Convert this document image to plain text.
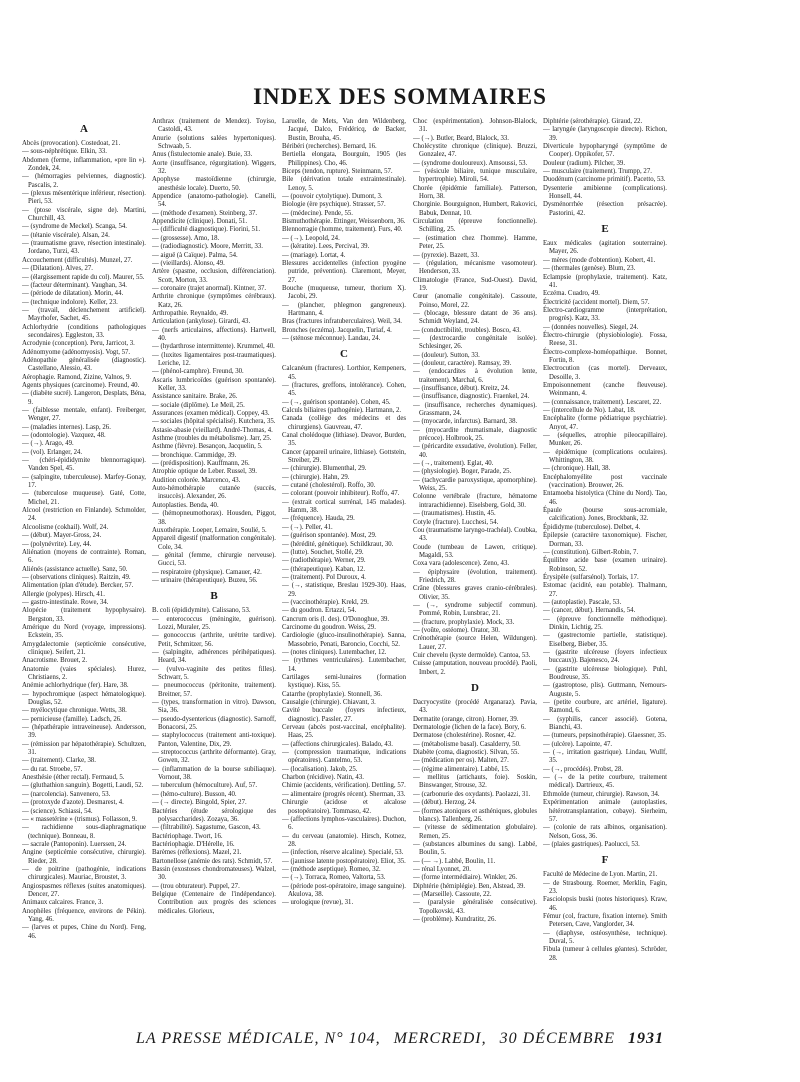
INDEX DES SOMMAIRES
A
Abcès (provocation). Costedoat, 21.
— sous-néphrétique. Elkin, 33.
Abdomen (ferme, inflammation, «pre lin »). Zondek, 24.
— (hémorragies pelviennes, diagnostic). Pascalis, 2.
— (plexus mésentérique inférieur, résection). Pieri, 53.
— (ptose viscérale, signe de). Martini, Churchill, 43.
— (syndrome de Meckel). Scanga, 54.
— (tétanie viscérale). Alsan, 24.
— (traumatisme grave, résection intestinale). Jordano, Turzi, 43.
Accouchement (difficultés). Munzel, 27.
— (Dilatation). Alves, 27.
— (élargissement rapide du col). Maurer, 55.
— (facteur déterminant). Vaughan, 34.
— (période de dilatation). Morin, 44.
— (technique indolore). Keller, 23.
— (travail, déclenchement artificiel). Mayrhofer, Sachet, 45.
Achlorhydrie (conditions pathologiques secondaires). Eggleston, 33.
Acrodynie (conception). Peru, Jarricot, 3.
Adénomyome (adénomyosis). Vogt, 57.
Adénopathie généralisée (diagnostic). Castellano, Alessio, 43.
Aérophagie. Ramond, Zizine, Valnos, 9.
Agents physiques (carcinome). Freund, 40.
— (diabète sucré). Langeron, Desplats, Béna, 9.
— (faiblesse mentale, enfant). Freiberger, Wenger, 27.
— (maladies internes). Lasp, 26.
— (odontologie). Vazquez, 48.
— (→). Arago, 49.
— (vol). Erlanger, 24.
— (chéri-épididymite blennorragique). Vanden Spel, 45.
— (salpingite, tuberculeuse). Marfey-Gonay, 17.
— (tuberculose muqueuse). Gaté, Cotte, Michel, 21.
Alcool (restriction en Finlande). Schmolder, 24.
Alcoolisme (cokhail). Wolf, 24.
— (début). Mayer-Gross, 24.
— (polynévrite). Ley, 44.
Aliénation (moyens de contrainte). Roman, 6.
Aliénés (assistance actuelle). Sanz, 50.
— (observations cliniques). Raitzin, 49.
Alimentation (plan d'étude). Bercker, 57.
Allergie (polypes). Hirsch, 41.
— gastro-intestinale. Rowe, 34.
Alopécie (traitement hypophysaire). Bergston, 33.
Amérique du Nord (voyage, impressions). Eckstein, 35.
Amygdalectomie (septicémie consécutive, clinique). Seifert, 21.
Anacrotisme. Brouet, 2.
Anatomie (vaies spéciales). Hurez, Christiaens, 2.
Anémie achlorhydrique (fer). Hare, 38.
— hypochromique (aspect hématologique). Douglas, 52.
— myélocytique chronique. Wetts, 38.
— pernicieuse (famille). Ladsch, 26.
— (hépathérapie intraveineuse). Andersson, 39.
— (rémission par hépatothérapie). Schultzen, 31.
— (traitement). Clarke, 38.
— du rat. Stroebe, 57.
Anesthésie (éther rectal). Fermaud, 5.
— (gluthathion sanguin). Bogetti, Laudi, 52.
— (narcolencia). Sanvenero, 53.
— (protoxyde d'azote). Desmarest, 4.
— (science). Schiassi, 54.
— « massetérine » (trismus). Follasson, 9.
— rachidienne sous-diaphragmatique (technique). Bonneau, 8.
— sacrale (Pantoponin). Luerssen, 24.
Angine (septicémie consécutive, chirurgie). Rieder, 28.
— de poitrine (pathogénie, indications chirurgicales). Mauriac, Broustet, 3.
Angiospasmes réflexes (suites anatomiques). Dencer, 27.
Animaux calcaires. France, 3.
Anophèles (fréquence, environs de Pékin). Yang, 46.
— (larves et pupes, Chine du Nord). Feng, 46.
Anthrax (traitement de Mendez). Toyiso, Castoldi, 43.
Anurie (solutions salées hypertoniques). Schwaab, 5.
Anus (fistulectomie anale). Buie, 33.
Aorte (insuffisance, régurgitation). Wiggers, 32.
Apophyse mastoïdienne (chirurgie, anesthésie locale). Duerto, 50.
Appendice (anatomo-pathologie). Canelli, 54.
— (méthode d'examen). Steinberg, 37.
Appendicite (clinique). Donati, 51.
— (difficulté diagnostique). Fiorini, 51.
— (grossesse). Amo, 18.
— (radiodiagnostic). Moore, Merritt, 33.
— aiguë (à Caïque). Palma, 54.
— (vieillards). Alonso, 49.
Artère (spasme, occlusion, différenciation). Scott, Morton, 33.
— coronaire (trajet anormal). Kintner, 37.
Arthrite chronique (symptômes cérébraux). Katz, 26.
Arthropathie. Reynaldo, 49.
Articulation (ankylose). Girardi, 43.
— (nerfs articulaires, affections). Hartwell, 40.
— (hydarthrose intermittente). Krummel, 40.
— (luxites ligamentaires post-traumatiques). Leriche, 12.
— (phénol-camphre). Freund, 30.
Ascaris lumbricoïdes (guérison spontanée). Keller, 33.
Assistance sanitaire. Brake, 26.
— sociale (diplôme). Le Meil, 25.
Assurances (examen médical). Coppey, 43.
— sociales (hôpital spécialisé). Kutchera, 35.
Astasie-abasie (vieillard). André-Thomas, 4.
Asthme (troubles du métabolisme). Jarr, 25.
Asthme (fièvre). Besançon, Jacquelin, 5.
— bronchique. Cammidge, 39.
— (prédisposition). Kauffmann, 26.
Atrophie optique de Leber. Russel, 39.
Audition colorée. Marcenco, 43.
Auto-hémothérapie cutanée (succès, insuccès). Alexander, 26.
Autoplasties. Benda, 40.
— (hémopneumothorax). Housden, Piggot, 38.
Auxothérapie. Loeper, Lemaire, Soulié, 5.
Appareil digestif (malformation congénitale). Cole, 34.
— génital (femme, chirurgie nerveuse). Gucci, 53.
— respiratoire (physique). Camauer, 42.
— urinaire (thérapeutique). Buzeu, 56.
B
B. coli (épididymite). Calissano, 53.
— enterococcus (méningite, guérison). Lozzi, Muraler, 25.
— gonococcus (arthrite, urétrite tardive). Petit, Schmitzer, 56.
— (salpingite, adhérences périhépatiques). Heard, 34.
— (vulvo-vaginite des petites filles). Schwarr, 5.
— pneumococcus (péritonite, traitement). Breitner, 57.
— (types, transformation in vitro). Dawson, Sia, 36.
— pseudo-dysentericus (diagnostic). Sarnoff, Bonacorsi, 25.
— staphylococcus (traitement anti-toxique). Panton, Valentine, Dix, 29.
— streptococcus (arthrite déformante). Gray, Gowen, 32.
— (inflammation de la bourse subiliaque). Vornout, 38.
— tuberculum (hémoculture). Auf, 57.
— (hémo-culture). Busson, 40.
— (→ directe). Bingold, Spier, 27.
Bactéries (étude sérologique des polysaccharides). Zozaya, 36.
— (filtrabilité). Sagastume, Gascon, 43.
Bactériophage. Twort, 16.
Bactériophagie. D'Hérelle, 16.
Barèmes (réflexions). Mazel, 21.
Bartonellose (anémie des rats). Schmidt, 57.
Bassin (exostoses chondromateuses). Walzel, 30.
— (trou obturateur). Puppel, 27.
Belgique (Centenaire de l'indépendance). Contribution aux progrès des sciences médicales. Glorieux,
Laruelle, de Mets, Van den Wildenberg, Jacqué, Dalco, Frédéricq, de Backer, Bustin, Brouha, 45.
Béribéri (recherches). Bernard, 16.
Bertiella elongata, Bourguin, 1905 (les Philippines). Cho, 46.
Biceps (tendon, rupture). Steinmann, 57.
Bile (dérivation totale extraintestinale). Lenoy, 5.
— (pouvoir cytolytique). Dumont, 3.
Biologie (ère psychique). Strasser, 57.
— (médecine). Pende, 55.
Bismuthothérapie. Ettinger, Weissenborn, 36.
Blennorragie (homme, traitement). Furs, 40.
— (→). Leopold, 24.
— (kératite). Lees, Percival, 39.
— (mariage). Lortat, 4.
Blessures accidentelles (infection pyogène putride, prévention). Claremont, Meyer, 27.
Bouche (muqueuse, tumeur, thorium X). Jacobi, 29.
— (plancher, phlegmon gangreneux). Hartmann, 4.
Bras (fractures infratuberculaires). Weil, 34.
Bronches (eczéma). Jacquelin, Turiaf, 4.
— (sténose méconnue). Landau, 24.
C
Calcanéum (fractures). Lorthior, Kempeners, 45.
— (fractures, greffons, intolérance). Cohen, 45.
— (→, guérison spontanée). Cohen, 45.
Calculs biliaires (pathogénie). Hartmann, 2.
Canada (collège des médecins et des chirurgiens). Gauvreau, 47.
Canal cholédoque (lithiase). Deavor, Burden, 35.
Cancer (appareil urinaire, lithiase). Gottstein, Streiber, 29.
— (chirurgie). Blumenthal, 29.
— (chirurgie). Hahn, 29.
— cutané (cholestérol). Roffo, 30.
— colorant (pouvoir inhibiteur). Roffo, 47.
— (extrait cortical surrénal, 145 malades). Hamm, 38.
— (fréquence). Hauda, 29.
— (→). Peller, 41.
— (guérison spontanée). Most, 29.
— (hérédité, génétique). Schildkraut, 30.
— (lutte). Souchet, Stollé, 29.
— (radiothérapie). Werner, 29.
— (thérapeutique). Kaban, 12.
— (traitement). Pol Duroux, 4.
— (→, statistique, Breslau 1929-30). Haas, 29.
— (vaccinothérapie). Krekl, 29.
— du goudron. Ertazzi, 54.
Cancrum oris (l. des). O'Donoghue, 39.
Carcinome du goudron. Weiss, 29.
Cardiologie (gluco-insulinothérapie). Sanna, Massobrio, Penati, Baroncio, Cocchi, 52.
— (notes cliniques). Lutembacher, 12.
— (rythmes ventriculaires). Lutembacher, 14.
Cartilages semi-lunaires (formation kystique). Kiss, 55.
Catarrhe (prophylaxie). Stonnell, 36.
Causalgie (chirurgie). Chiavant, 3.
Cavité buccale (foyers infectieux, diagnostic). Passler, 27.
Cerveau (abcès post-vaccinal, encéphalite). Haas, 25.
— (affections chirurgicales). Balado, 43.
— (compression traumatique, indications opératoires). Cantelmo, 53.
— (localisation). Jakob, 25.
Charbon (récidive). Natin, 43.
Chimie (accidents, vérification). Dettling, 57.
— alimentaire (progrès récent). Sherman, 33.
Chirurgie (acidose et alcalose postopératoire). Tommaso, 42.
— (affections lymphos-vasculaires). Duchon, 6.
— du cerveau (anatomie). Hirsch, Kotnez, 28.
— (infection, réserve alcaline). Specialé, 53.
— (jaunisse latente postopératoire). Eliot, 35.
— (méthode aseptique). Romeo, 32.
— (→). Torraca, Romeo, Valtorta, 53.
— (période post-opératoire, image sanguine). Akulova, 38.
— urologique (revue), 31.
Choc (expérimentation). Johnson-Blalock, 31.
— (→). Butler, Beard, Blalock, 33.
Cholécystite chronique (clinique). Bruzzi, Gonzalez, 47.
— (syndrome douloureux). Amsoussi, 53.
— (vésicule biliaire, tunique musculaire, hypertrophie). Miroli, 54.
Chorée (épidémie familiale). Patterson, Horn, 38.
Chorginie. Bourguignon, Humbert, Rakovici, Babuk, Dennat, 10.
Circulation (épreuve fonctionnelle). Schilling, 25.
— (estimation chez l'homme). Hamme, Peter, 25.
— (pyrexie). Bazett, 33.
— (régulation, mécanisme vasomoteur). Henderson, 33.
Climatologie (France, Sud-Ouest). David, 19.
Cœur (anomalie congénitale). Cassoute, Poinso, Morel, 22.
— (blocage, blessure datant de 36 ans). Schmidt Weyland, 24.
— (conductibilité, troubles). Bosco, 43.
— (dextrocardie congénitale isolée). Schlesinger, 26.
— (douleur). Sutton, 33.
— (douleur, caractère). Ramsay, 39.
— (endocardites à évolution lente, traitement). Marchal, 6.
— (insuffisance, début). Kreitz, 24.
— (insuffisance, diagnostic). Fraenkel, 24.
— (insuffisance, recherches dynamiques). Grassmann, 24.
— (myocarde, infarctus). Barnard, 38.
— (myocardite rhumatismale, diagnostic précoce). Holbrook, 25.
— (péricardite exsudative, évolution). Feller, 40.
— (→, traitement). Eglat, 40.
— (physiologie). Boger, Parade, 25.
— (tachycardie paroxystique, apomorphine). Weiss, 25.
Colonne vertébrale (fracture, hématome intrarachidienne). Eiselsberg, Gold, 30.
— (traumatismes). Hustin, 45.
Cotyle (fracture). Lucchesi, 54.
Cou (traumatisme laryngo-trachéal). Coubka, 43.
Coude (tumbeau de Lawen, critique). Magaldi, 53.
Coxa vara (adolescence). Zeno, 43.
— épiphysaire (évolution, traitement). Friedrich, 28.
Crâne (blessures graves cranio-cérébrales). Olivier, 35.
— (→, syndrome subjectif commun). Pommé, Robin, Lunsbrac, 21.
— (fracture, prophylaxie). Mock, 33.
— (voûte, ostéome). Orator, 30.
Crénothérapie (source Helen, Wildungen). Lauer, 27.
Cuir chevelu (kyste dermoïde). Cantoa, 53.
Cuisse (amputation, nouveau procédé). Paoli, Imbert, 2.
D
Dacryocystite (procédé Arganaraz). Pavia, 43.
Dermatite (orange, citron). Horner, 39.
Dermatologie (lichen de la face). Bory, 6.
Dermatose (cholestérine). Rosner, 42.
— (métabolisme basal). Casalderry, 50.
Diabète (coma, diagnostic). Silvan, 55.
— (médication per os). Malten, 27.
— (régime alimentaire). Labbé, 15.
— mellitus (artichauts, foie). Soskin, Binswanger, Strouse, 32.
— (carbonurie des oxydants). Paolazzi, 31.
— (début). Herzog, 24.
— (formes atoniques et asthéniques, globules blancs). Tallenberg, 26.
— (vitesse de sédimentation globulaire). Remen, 25.
— (substances albumines du sang). Labbé, Boulin, 5.
— (— →). Labbé, Boulin, 11.
— rénal Lyonnet, 20.
— (forme intermédiaire). Winkler, 26.
Diphtérie (hémiplégie). Ben, Alstead, 39.
— (Marseille). Cassoute, 22.
— (paralysie généralisée consécutive). Topolkovski, 43.
— (problème). Kundratitz, 26.
Diphtérie (sérothérapie). Giraud, 22.
— laryngée (laryngoscopie directe). Richon, 39.
Diverticule hypopharyngé (symptôme de Cooper). Oppikofer, 57.
Douleur (radium). Pilcher, 39.
— musculaire (traitement). Trumpp, 27.
Duodénum (carcinome primitif). Pacetto, 53.
Dysenterie amibienne (complications). Honsell, 44.
Dysménorrhée (résection présacrée). Pastorini, 42.
E
Eaux médicales (agitation souterraine). Mayer, 26.
— mères (mode d'obtention). Kobert, 41.
— (thermales (genèse). Blum, 23.
Eclampsie (prophylaxie, traitement). Katz, 41.
Eczéma. Cuadro, 49.
Électricité (accident mortel). Diem, 57.
Électro-cardiogramme (interprétation, progrès). Katz, 33.
— (données nouvelles). Siegel, 24.
Électro-chirurgie (physiobiologie). Fossa, Reese, 31.
Électro-complexe-homéopathique. Bonnet, Fortin, 8.
Electrocution (cas mortel). Derveaux, Desoille, 3.
Empoisonnement (canche fleuveuse). Weinmann, 4.
— (connaissance, traitement). Lescaret, 22.
— (intercellule de No). Labat, 18.
Encéphalite (forme pédiatrique psychiatrie). Anyot, 47.
— (séquelles, atrophie pileocapillaire). Munker, 26.
— épidémique (complications oculaires). Whittington, 38.
— (chronique). Hall, 38.
Encéphalomyélite post vaccinale (vaccination). Brouwer, 26.
Entamoeba histolytica (Chine du Nord). Tao, 46.
Épaule (bourse sous-acromiale, calcification). Jones, Brockbank, 32.
Épididyme (tuberculose). Delbet, 4.
Épilepsie (caractère taxonomique). Fischer, Dorman, 33.
— (constitution). Gilbert-Robin, 7.
Équilibre acide base (examen urinaire). Robinson, 52.
Érysipèle (sulfarsénol). Torlais, 17.
Estomac (acidité, eau potable). Thalmann, 27.
— (autoplastie). Pascale, 53.
— (cancer, début). Hernandis, 54.
— (épreuve fonctionnelle méthodique). Dinkin, Lichtig, 25.
— (gastrectomie partielle, statistique). Eiselberg, Bieber, 35.
— (gastrite ulcéreuse (foyers infectieux buccaux)). Bajenesco, 24.
— (gastrite ulcéreuse biologique). Puhl, Boudreuse, 35.
— (gastroptose, plis). Guttmann, Nemours-Auguste, 5.
— (petite courbure, arc artériel, ligature). Ramond, 6.
— (syphilis, cancer associé). Gotena, Bianchi, 43.
— (tumeurs, pepsinothérapie). Glaessner, 35.
— (ulcère). Lapointe, 47.
— (→, irritation gastrique). Lindau, Wullf, 35.
— (→, procédés). Probst, 28.
— (→ de la petite courbure, traitement médical). Dartrieux, 45.
Ethmoïde (tumeur, chirurgie). Rawson, 34.
Expérimentation animale (autoplasties, hétérotransplantation, cobaye). Sierheim, 57.
— (colonie de rats albinos, organisation). Nelson, Goss, 36.
— (plaies gastriques). Paolucci, 53.
F
Faculté de Médecine de Lyon. Martin, 21.
— de Strasbourg. Roemer, Merklin, Fagin, 23.
Fasciolopsis buski (notes historiques). Kraw, 46.
Fémur (col, fracture, fixation interne). Smith Petersen, Cave, Vanglorder, 34.
— (diaphyse, ostéosynthèse, technique). Duval, 5.
Fibula (tumeur à cellules géantes). Schröder, 28.
LA PRESSE MÉDICALE, N° 104, MERCREDI, 30 DÉCEMBRE 1931
